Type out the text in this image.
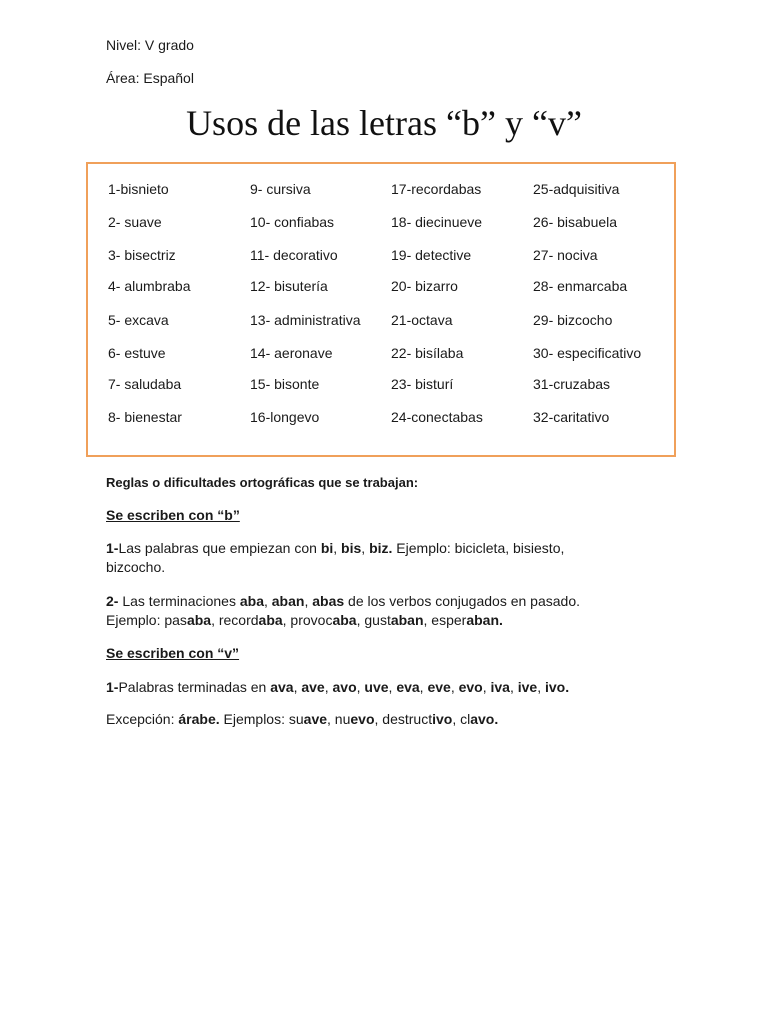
Nivel: V grado
Área: Español
Usos de las letras “b” y “v”
1-bisnieto
2- suave
3- bisectriz
4- alumbraba
5- excava
6- estuve
7- saludaba
8- bienestar
9- cursiva
10- confiabas
11- decorativo
12- bisutería
13- administrativa
14- aeronave
15- bisonte
16-longevo
17-recordabas
18- diecinueve
19- detective
20- bizarro
21-octava
22- bisílaba
23- bisturí
24-conectabas
25-adquisitiva
26- bisabuela
27- nociva
28- enmarcaba
29- bizcocho
30- especificativo
31-cruzabas
32-caritativo
Reglas o dificultades ortográficas que se trabajan:
Se escriben con “b”
1-Las palabras que empiezan con bi, bis, biz. Ejemplo: bicicleta, bisiesto, bizcocho.
2- Las terminaciones aba, aban, abas de los verbos conjugados en pasado. Ejemplo: pasaba, recordaba, provocaba, gustaban, esperaban.
Se escriben con “v”
1-Palabras terminadas en ava, ave, avo, uve, eva, eve, evo, iva, ive, ivo.
Excepción: árabe. Ejemplos: suave, nuevo, destructivo, clavo.
